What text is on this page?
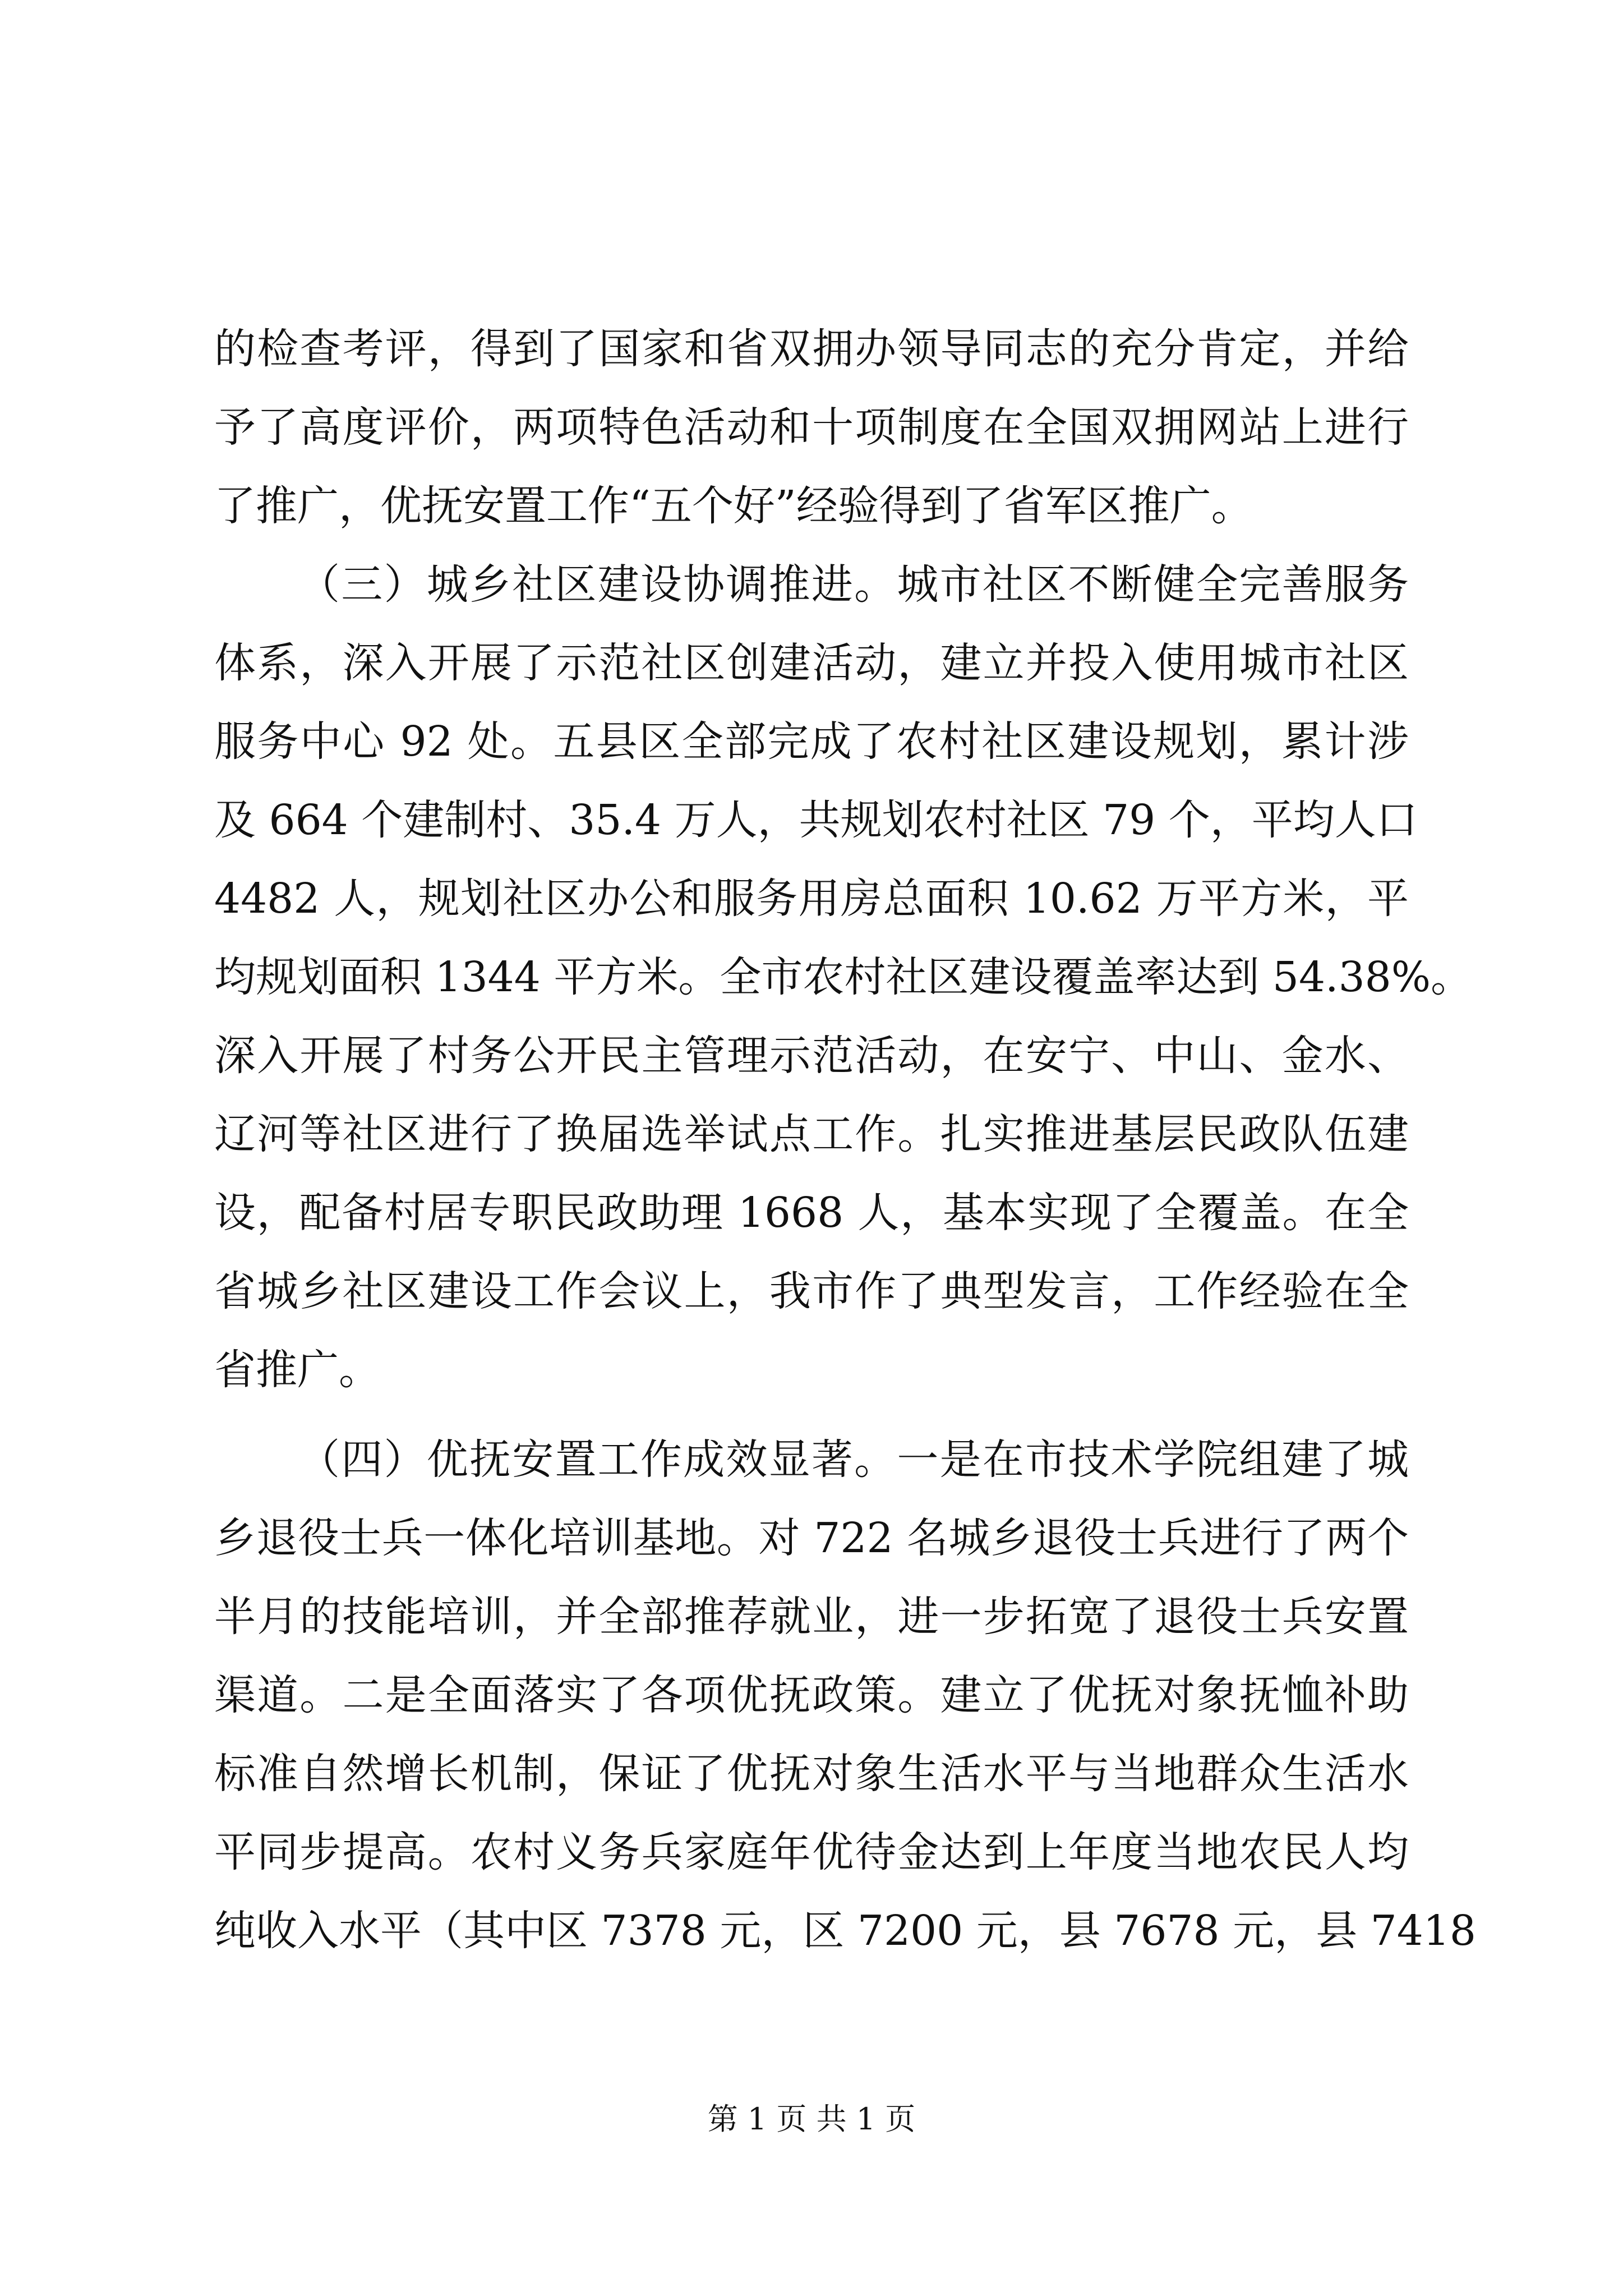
的检查考评，得到了国家和省双拥办领导同志的充分肯定，并给
予了高度评价，两项特色活动和十项制度在全国双拥网站上进行
了推广，优抚安置工作“五个好”经验得到了省军区推广。
（三）城乡社区建设协调推进。城市社区不断健全完善服务
体系，深入开展了示范社区创建活动，建立并投入使用城市社区
服务中心 92 处。五县区全部完成了农村社区建设规划，累计涉
及 664 个建制村、35.4 万人，共规划农村社区 79 个，平均人口
4482 人，规划社区办公和服务用房总面积 10.62 万平方米，平
均规划面积 1344 平方米。全市农村社区建设覆盖率达到 54.38%。
深入开展了村务公开民主管理示范活动，在安宁、中山、金水、
辽河等社区进行了换届选举试点工作。扎实推进基层民政队伍建
设，配备村居专职民政助理 1668 人，基本实现了全覆盖。在全
省城乡社区建设工作会议上，我市作了典型发言，工作经验在全
省推广。
（四）优抚安置工作成效显著。一是在市技术学院组建了城
乡退役士兵一体化培训基地。对 722 名城乡退役士兵进行了两个
半月的技能培训，并全部推荐就业，进一步拓宽了退役士兵安置
渠道。二是全面落实了各项优抚政策。建立了优抚对象抚恤补助
标准自然增长机制，保证了优抚对象生活水平与当地群众生活水
平同步提高。农村义务兵家庭年优待金达到上年度当地农民人均
纯收入水平（其中区 7378 元，区 7200 元，县 7678 元，县 7418
第 1 页 共 1 页
